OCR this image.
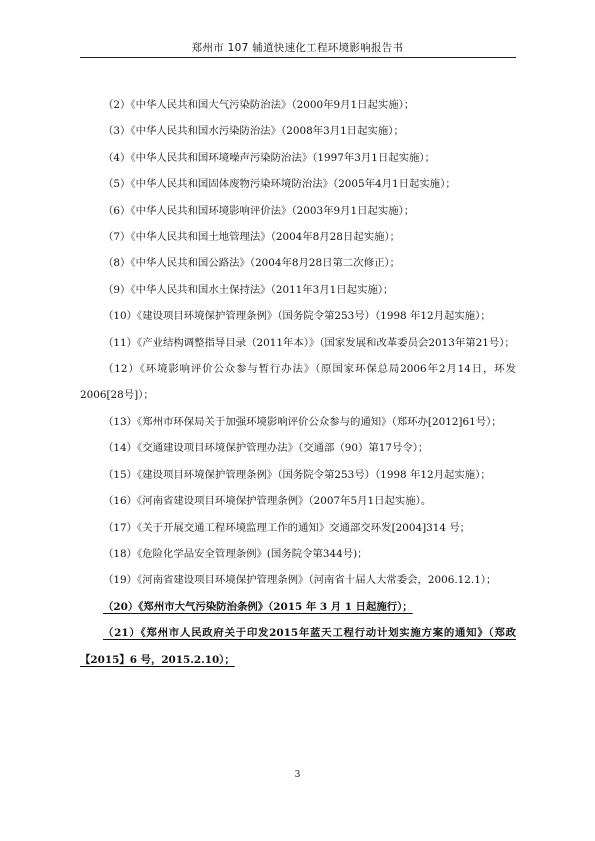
郑州市 107 辅道快速化工程环境影响报告书

（2）《中华人民共和国大气污染防治法》（2000年9月1日起实施）；

（3）《中华人民共和国水污染防治法》（2008年3月1日起实施）；

（4）《中华人民共和国环境噪声污染防治法》（1997年3月1日起实施）；

（5）《中华人民共和国固体废物污染环境防治法》（2005年4月1日起实施）；

（6）《中华人民共和国环境影响评价法》（2003年9月1日起实施）；

（7）《中华人民共和国土地管理法》（2004年8月28日起实施）；

（8）《中华人民共和国公路法》（2004年8月28日第二次修正）；

（9）《中华人民共和国水土保持法》（2011年3月1日起实施）；

（10）《建设项目环境保护管理条例》（国务院令第253号）（1998 年12月起实施）；

（11）《产业结构调整指导目录（2011年本）》（国家发展和改革委员会2013年第21号）；

（12）《环境影响评价公众参与暂行办法》（原国家环保总局2006年2月14日，环发2006[28号]）；

（13）《郑州市环保局关于加强环境影响评价公众参与的通知》（郑环办[2012]61号）；

（14）《交通建设项目环境保护管理办法》（交通部（90）第17号令）；

（15）《建设项目环境保护管理条例》（国务院令第253号）（1998 年12月起实施）；

（16）《河南省建设项目环境保护管理条例》（2007年5月1日起实施）。

（17）《关于开展交通工程环境监理工作的通知》交通部交环发[2004]314 号；

（18）《危险化学品安全管理条例》(国务院令第344号)；

（19）《河南省建设项目环境保护管理条例》（河南省十届人大常委会，2006.12.1）；

（20）《郑州市大气污染防治条例》（2015 年 3 月 1 日起施行）；

（21）《郑州市人民政府关于印发2015年蓝天工程行动计划实施方案的通知》（郑政【2015】6 号，2015.2.10）；

3
